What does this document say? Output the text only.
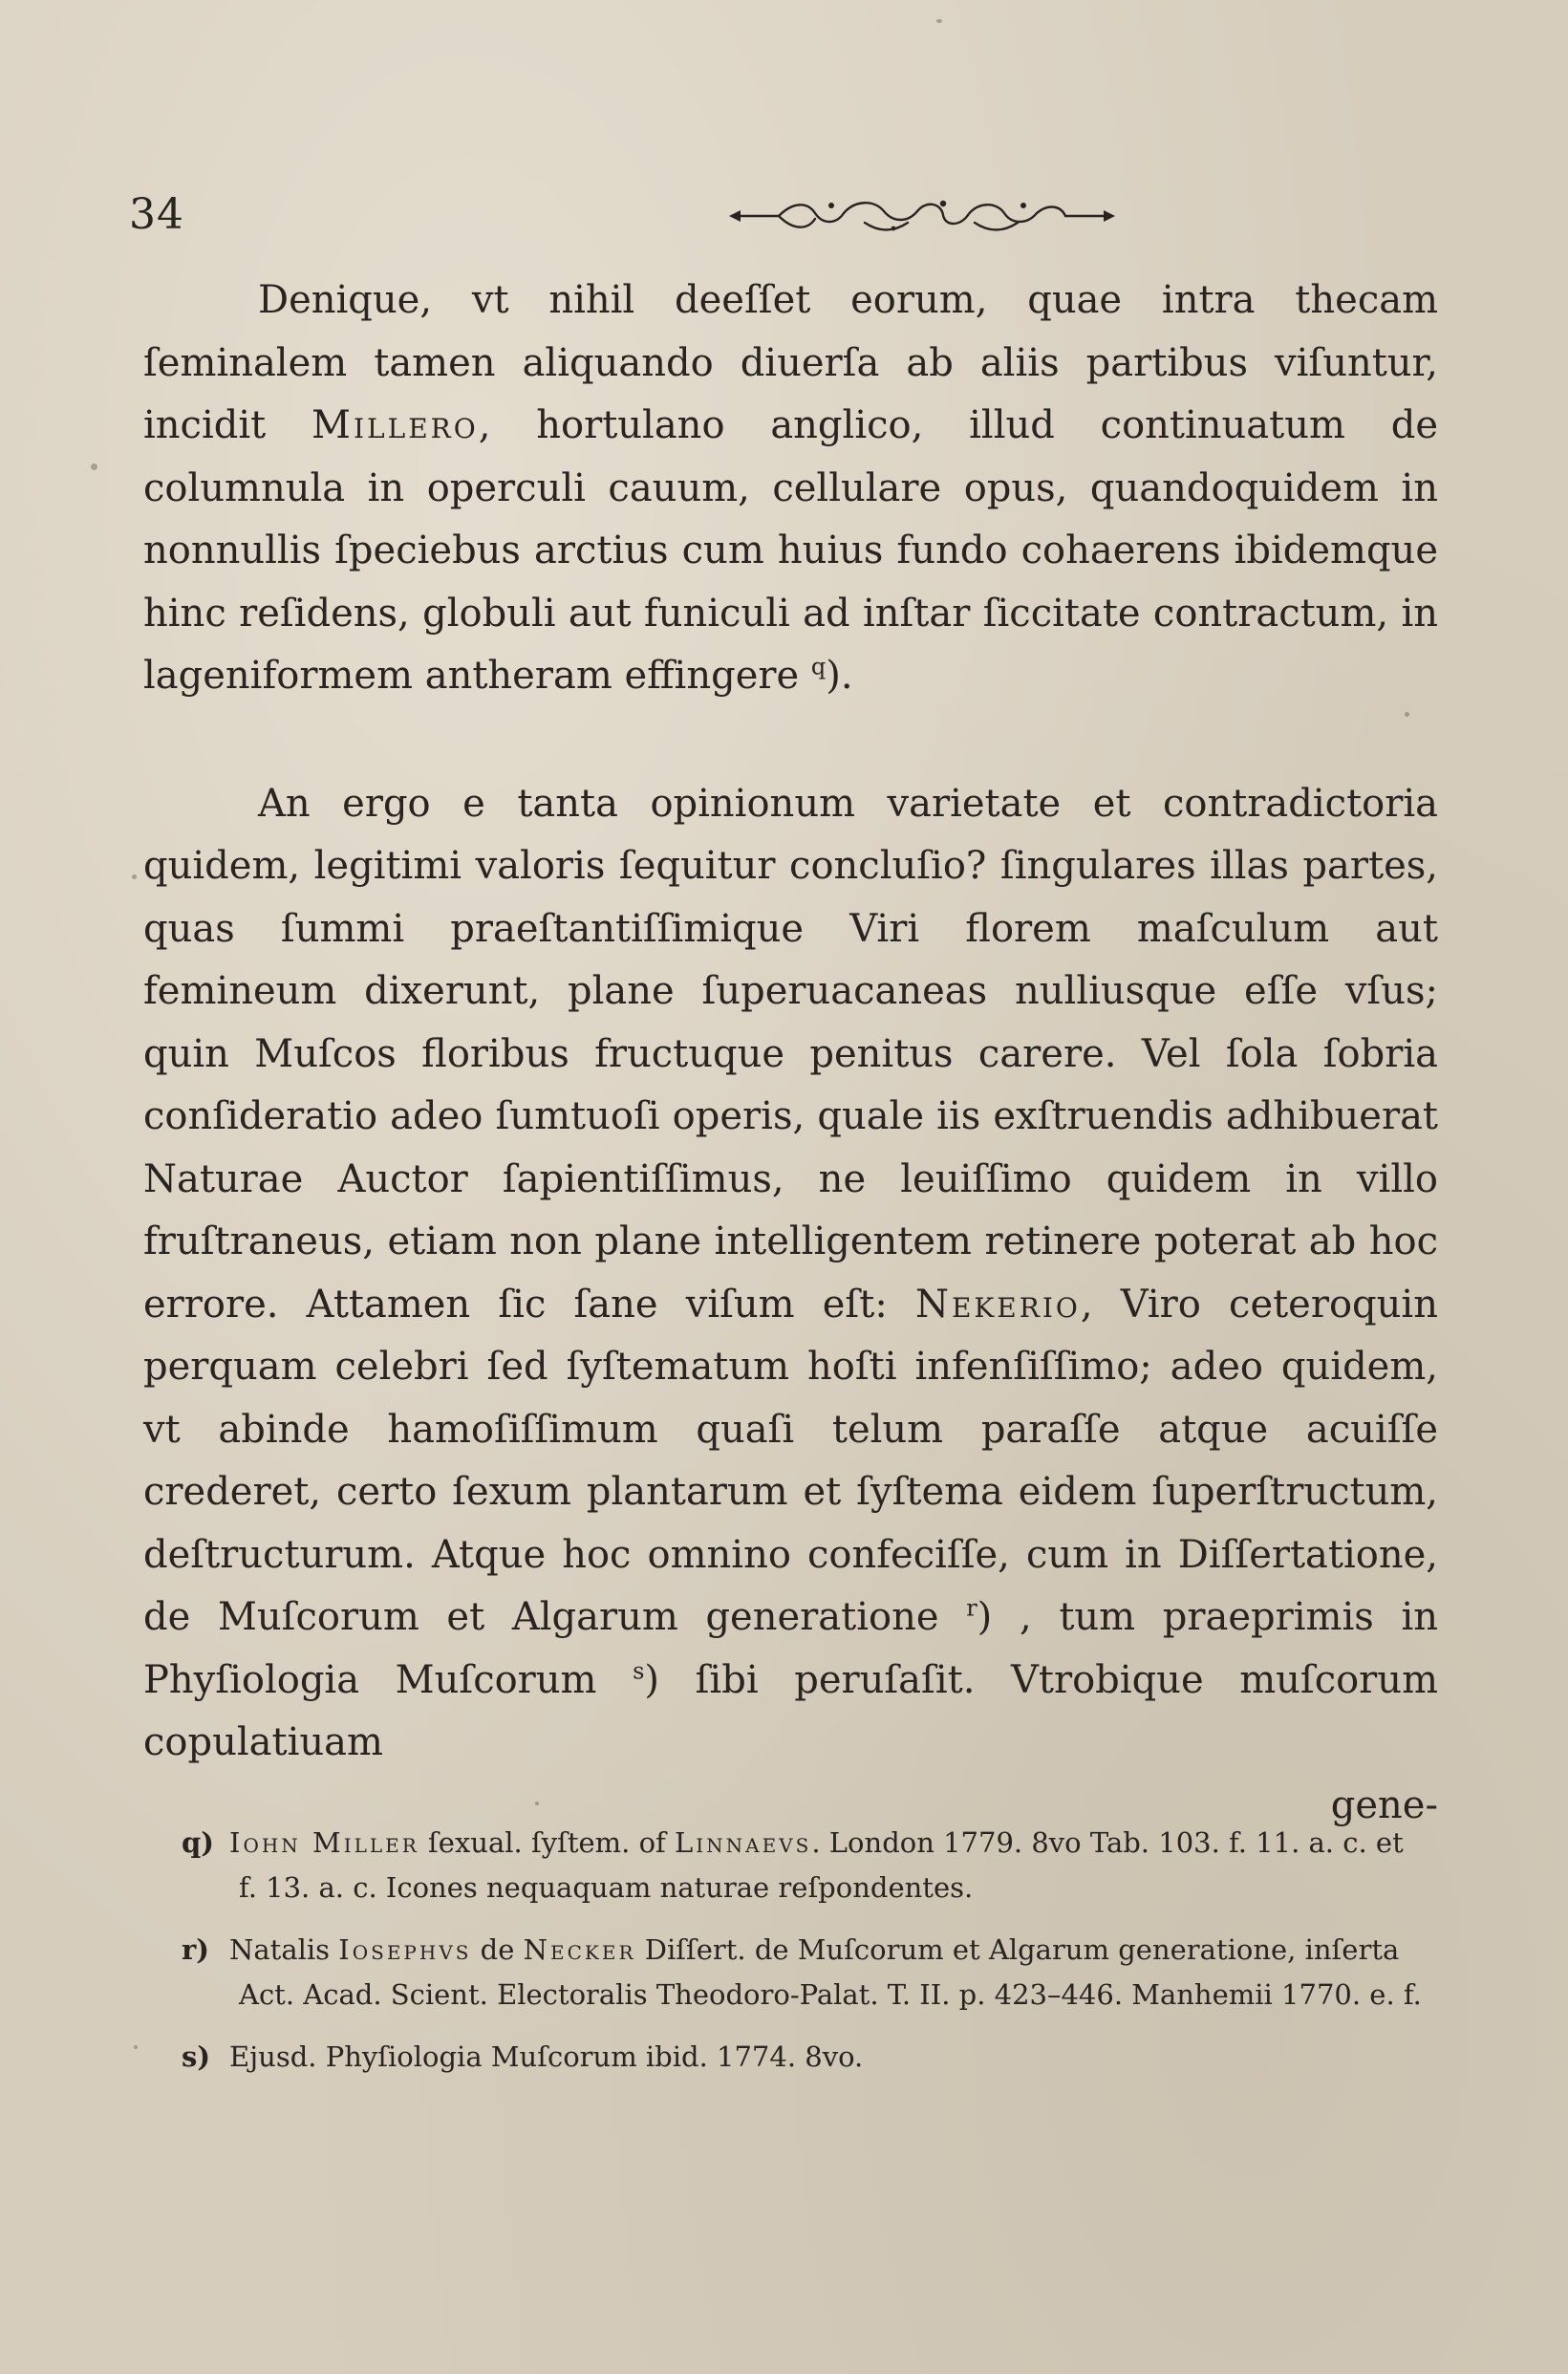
34

Denique, vt nihil deeſſet eorum, quae intra thecam ſeminalem tamen aliquando diuerſa ab aliis partibus viſuntur, incidit Millero, hortulano anglico, illud continuatum de columnula in operculi cauum, cellulare opus, quandoquidem in nonnullis ſpeciebus arctius cum huius fundo cohaerens ibidemque hinc reſidens, globuli aut funiculi ad inſtar ſiccitate contractum, in lageniformem antheram effingere $^q$).

An ergo e tanta opinionum varietate et contradictoria quidem, legitimi valoris ſequitur concluſio? ſingulares illas partes, quas ſummi praeſtantiſſimique Viri florem maſculum aut femineum dixerunt, plane ſuperuacaneas nulliusque eſſe vſus; quin Muſcos floribus fructuque penitus carere. Vel ſola ſobria conſideratio adeo ſumtuoſi operis, quale iis exſtruendis adhibuerat Naturae Auctor ſapientiſſimus, ne leuiſſimo quidem in villo fruſtraneus, etiam non plane intelligentem retinere poterat ab hoc errore. Attamen ſic ſane viſum eſt: Nekerio, Viro ceteroquin perquam celebri ſed ſyſtematum hoſti infenſiſſimo; adeo quidem, vt abinde hamoſiſſimum quaſi telum paraſſe atque acuiſſe crederet, certo ſexum plantarum et ſyſtema eidem ſuperſtructum, deſtructurum. Atque hoc omnino confeciſſe, cum in Diſſertatione, de Muſcorum et Algarum generatione $^r$) , tum praeprimis in Phyſiologia Muſcorum $^s$) ſibi peruſaſit. Vtrobique muſcorum copulatiuam

gene-

q) Iohn Miller ſexual. ſyſtem. of Linnaevs. London 1779. 8vo Tab. 103. f. 11. a. c. et f. 13. a. c. Icones nequaquam naturae reſpondentes.

r) Natalis Iosephvs de Necker Diſſert. de Muſcorum et Algarum generatione, inſerta Act. Acad. Scient. Electoralis Theodoro-Palat. T. II. p. 423–446. Manhemii 1770. e. f.

s) Ejusd. Phyſiologia Muſcorum ibid. 1774. 8vo.
